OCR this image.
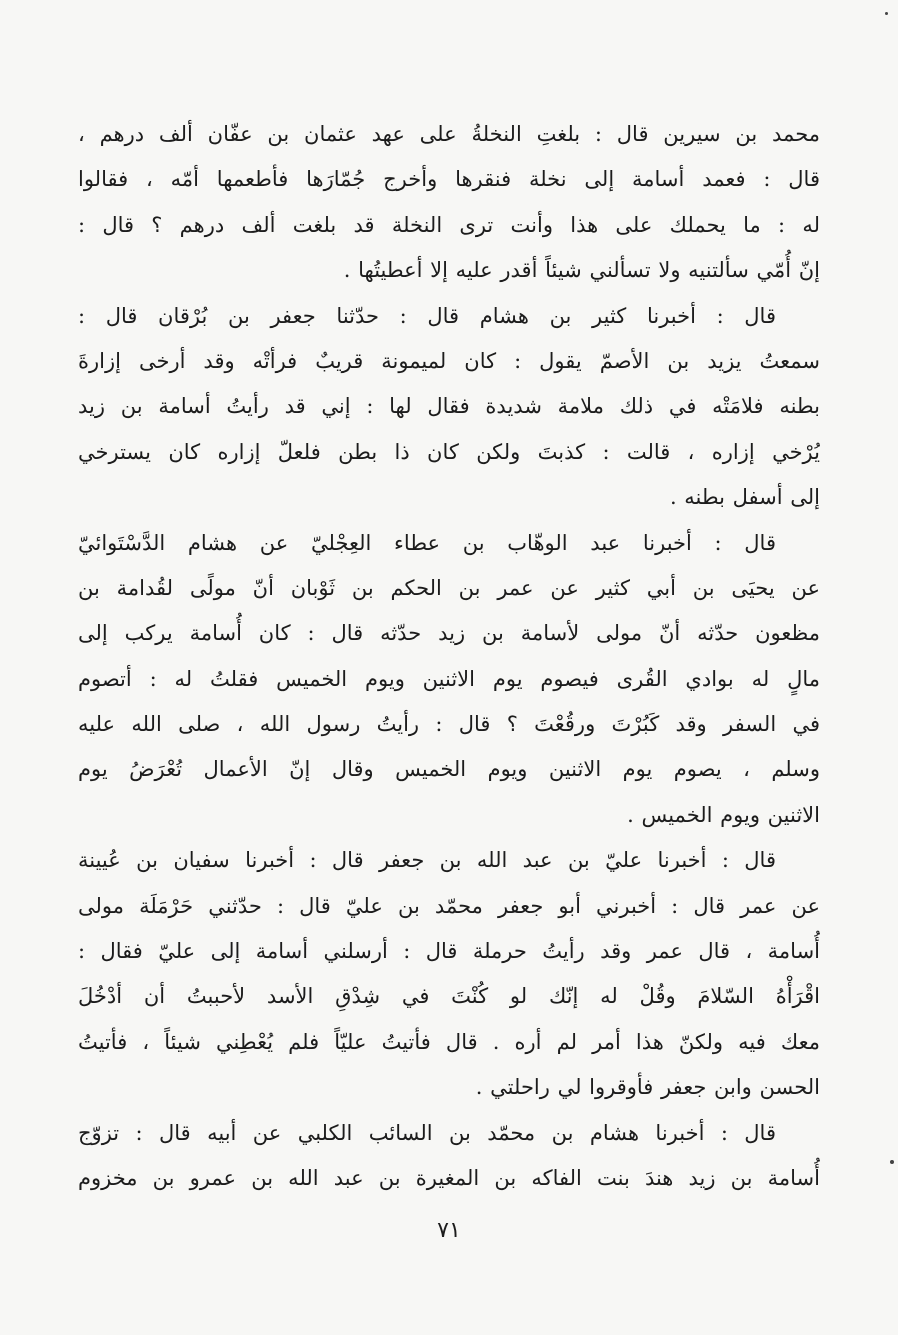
محمد بن سيرين قال : بلغتِ النخلةُ على عهد عثمان بن عفّان ألف درهم ،
قال : فعمد أسامة إلى نخلة فنقرها وأخرج جُمّارَها فأطعمها أمّه ، فقالوا
له : ما يحملك على هذا وأنت ترى النخلة قد بلغت ألف درهم ؟ قال :
إنّ أُمّي سألتنيه ولا تسألني شيئاً أقدر عليه إلا أعطيتُها .
قال : أخبرنا كثير بن هشام قال : حدّثنا جعفر بن بُرْقان قال :
سمعتُ يزيد بن الأصمّ يقول : كان لميمونة قريبٌ فرأتْه وقد أرخى إزارةَ
بطنه فلامَتْه في ذلك ملامة شديدة فقال لها : إني قد رأيتُ أسامة بن زيد
يُرْخي إزاره ، قالت : كذبتَ ولكن كان ذا بطن فلعلّ إزاره كان يسترخي
إلى أسفل بطنه .
قال : أخبرنا عبد الوهّاب بن عطاء العِجْليّ عن هشام الدَّسْتَوائيّ
عن يحيَى بن أبي كثير عن عمر بن الحكم بن ثَوْبان أنّ مولًى لقُدامة بن
مظعون حدّثه أنّ مولى لأسامة بن زيد حدّثه قال : كان أُسامة يركب إلى
مالٍ له بوادي القُرى فيصوم يوم الاثنين ويوم الخميس فقلتُ له : أتصوم
في السفر وقد كَبُرْتَ ورقُعْتَ ؟ قال : رأيتُ رسول الله ، صلى الله عليه
وسلم ، يصوم يوم الاثنين ويوم الخميس وقال إنّ الأعمال تُعْرَضُ يوم
الاثنين ويوم الخميس .
قال : أخبرنا عليّ بن عبد الله بن جعفر قال : أخبرنا سفيان بن عُيينة
عن عمر قال : أخبرني أبو جعفر محمّد بن عليّ قال : حدّثني حَرْمَلَة مولى
أُسامة ، قال عمر وقد رأيتُ حرملة قال : أرسلني أسامة إلى عليّ فقال :
اقْرَأْهُ السّلامَ وقُلْ له إنّك لو كُنْتَ في شِدْقِ الأسد لأحببتُ أن أدْخُلَ
معك فيه ولكنّ هذا أمر لم أره . قال فأتيتُ عليّاً فلم يُعْطِني شيئاً ، فأتيتُ
الحسن وابن جعفر فأوقروا لي راحلتي .
قال : أخبرنا هشام بن محمّد بن السائب الكلبي عن أبيه قال : تزوّج
أُسامة بن زيد هندَ بنت الفاكه بن المغيرة بن عبد الله بن عمرو بن مخزوم
٧١
